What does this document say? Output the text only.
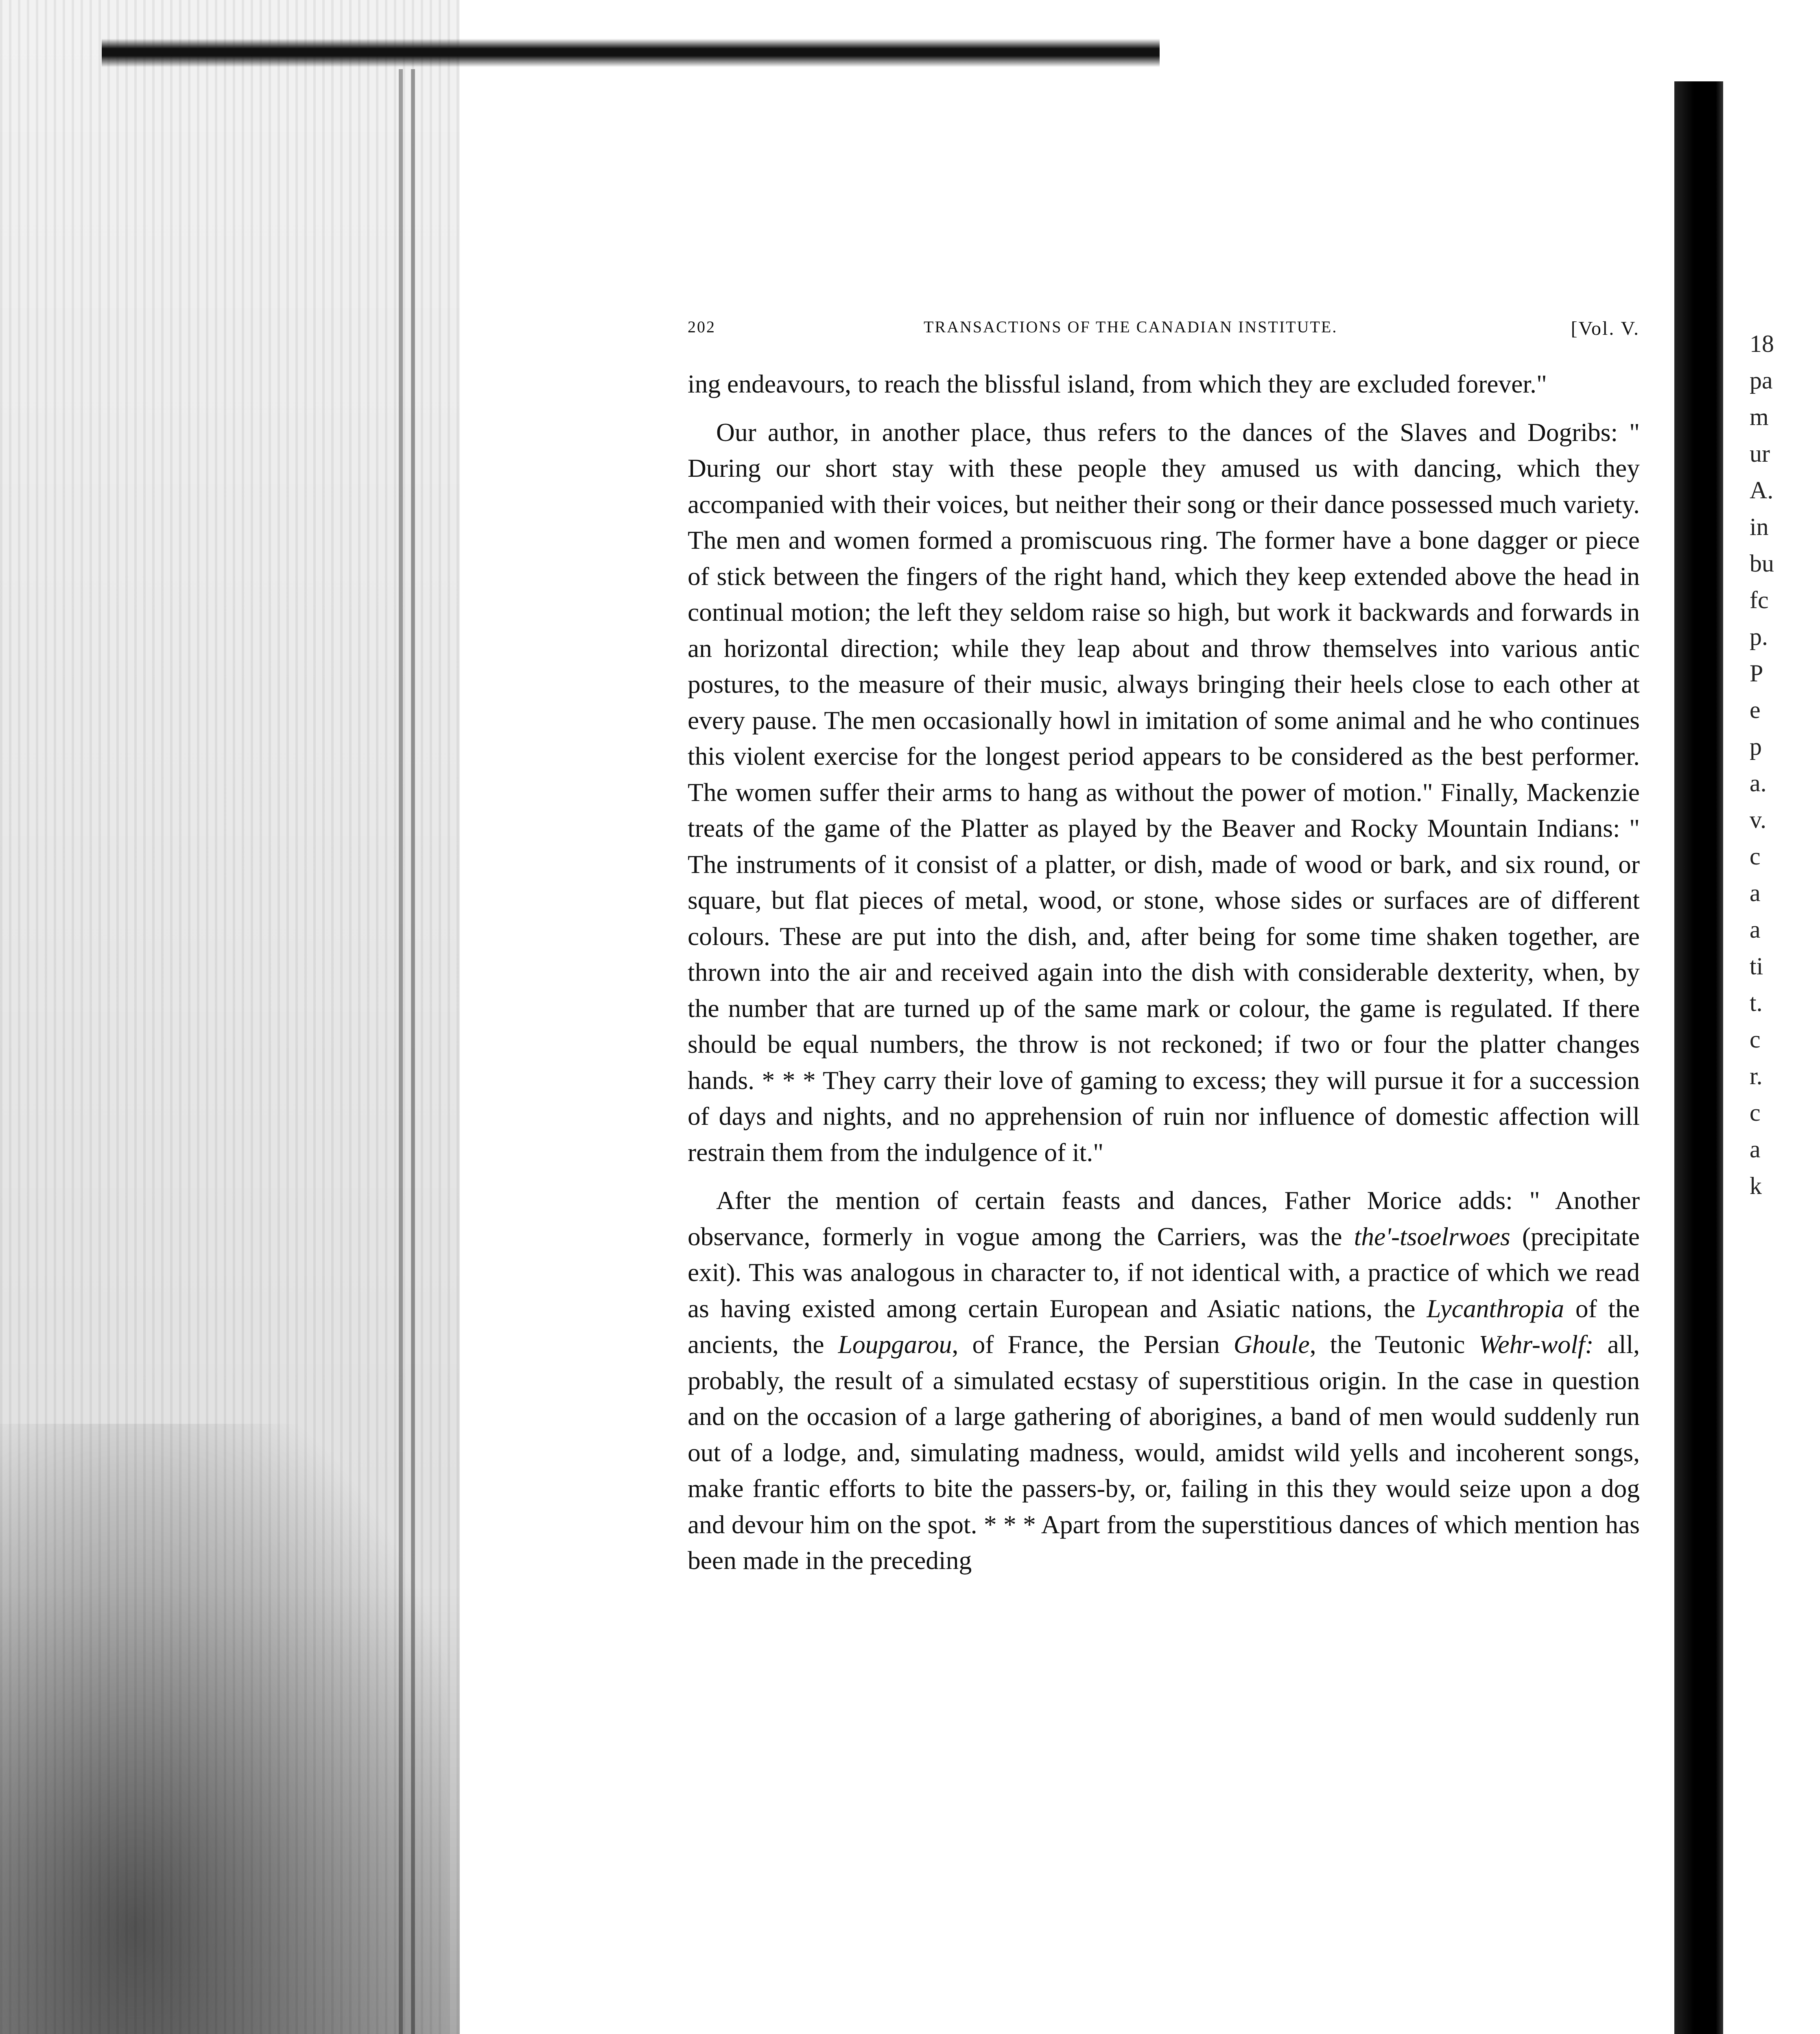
18
pa
m
ur
A.
in
bu
fc
p.
P
e
p
a.
v.
c
a
a
ti
t.
c
r.
c
a
k
202	TRANSACTIONS OF THE CANADIAN INSTITUTE.	[Vol. V.

ing endeavours, to reach the blissful island, from which they are excluded forever."

Our author, in another place, thus refers to the dances of the Slaves and Dogribs: " During our short stay with these people they amused us with dancing, which they accompanied with their voices, but neither their song or their dance possessed much variety. The men and women formed a promiscuous ring. The former have a bone dagger or piece of stick between the fingers of the right hand, which they keep extended above the head in continual motion; the left they seldom raise so high, but work it backwards and forwards in an horizontal direction; while they leap about and throw themselves into various antic postures, to the measure of their music, always bringing their heels close to each other at every pause. The men occasionally howl in imitation of some animal and he who continues this violent exercise for the longest period appears to be considered as the best performer. The women suffer their arms to hang as without the power of motion." Finally, Mackenzie treats of the game of the Platter as played by the Beaver and Rocky Mountain Indians: " The instruments of it consist of a platter, or dish, made of wood or bark, and six round, or square, but flat pieces of metal, wood, or stone, whose sides or surfaces are of different colours. These are put into the dish, and, after being for some time shaken together, are thrown into the air and received again into the dish with considerable dexterity, when, by the number that are turned up of the same mark or colour, the game is regulated. If there should be equal numbers, the throw is not reckoned; if two or four the platter changes hands. * * * They carry their love of gaming to excess; they will pursue it for a succession of days and nights, and no apprehension of ruin nor influence of domestic affection will restrain them from the indulgence of it."

After the mention of certain feasts and dances, Father Morice adds: " Another observance, formerly in vogue among the Carriers, was the the'-tsoelrwoes (precipitate exit). This was analogous in character to, if not identical with, a practice of which we read as having existed among certain European and Asiatic nations, the Lycanthropia of the ancients, the Loupgarou, of France, the Persian Ghoule, the Teutonic Wehr-wolf: all, probably, the result of a simulated ecstasy of superstitious origin. In the case in question and on the occasion of a large gathering of aborigines, a band of men would suddenly run out of a lodge, and, simulating madness, would, amidst wild yells and incoherent songs, make frantic efforts to bite the passers-by, or, failing in this they would seize upon a dog and devour him on the spot. * * * Apart from the superstitious dances of which mention has been made in the preceding
